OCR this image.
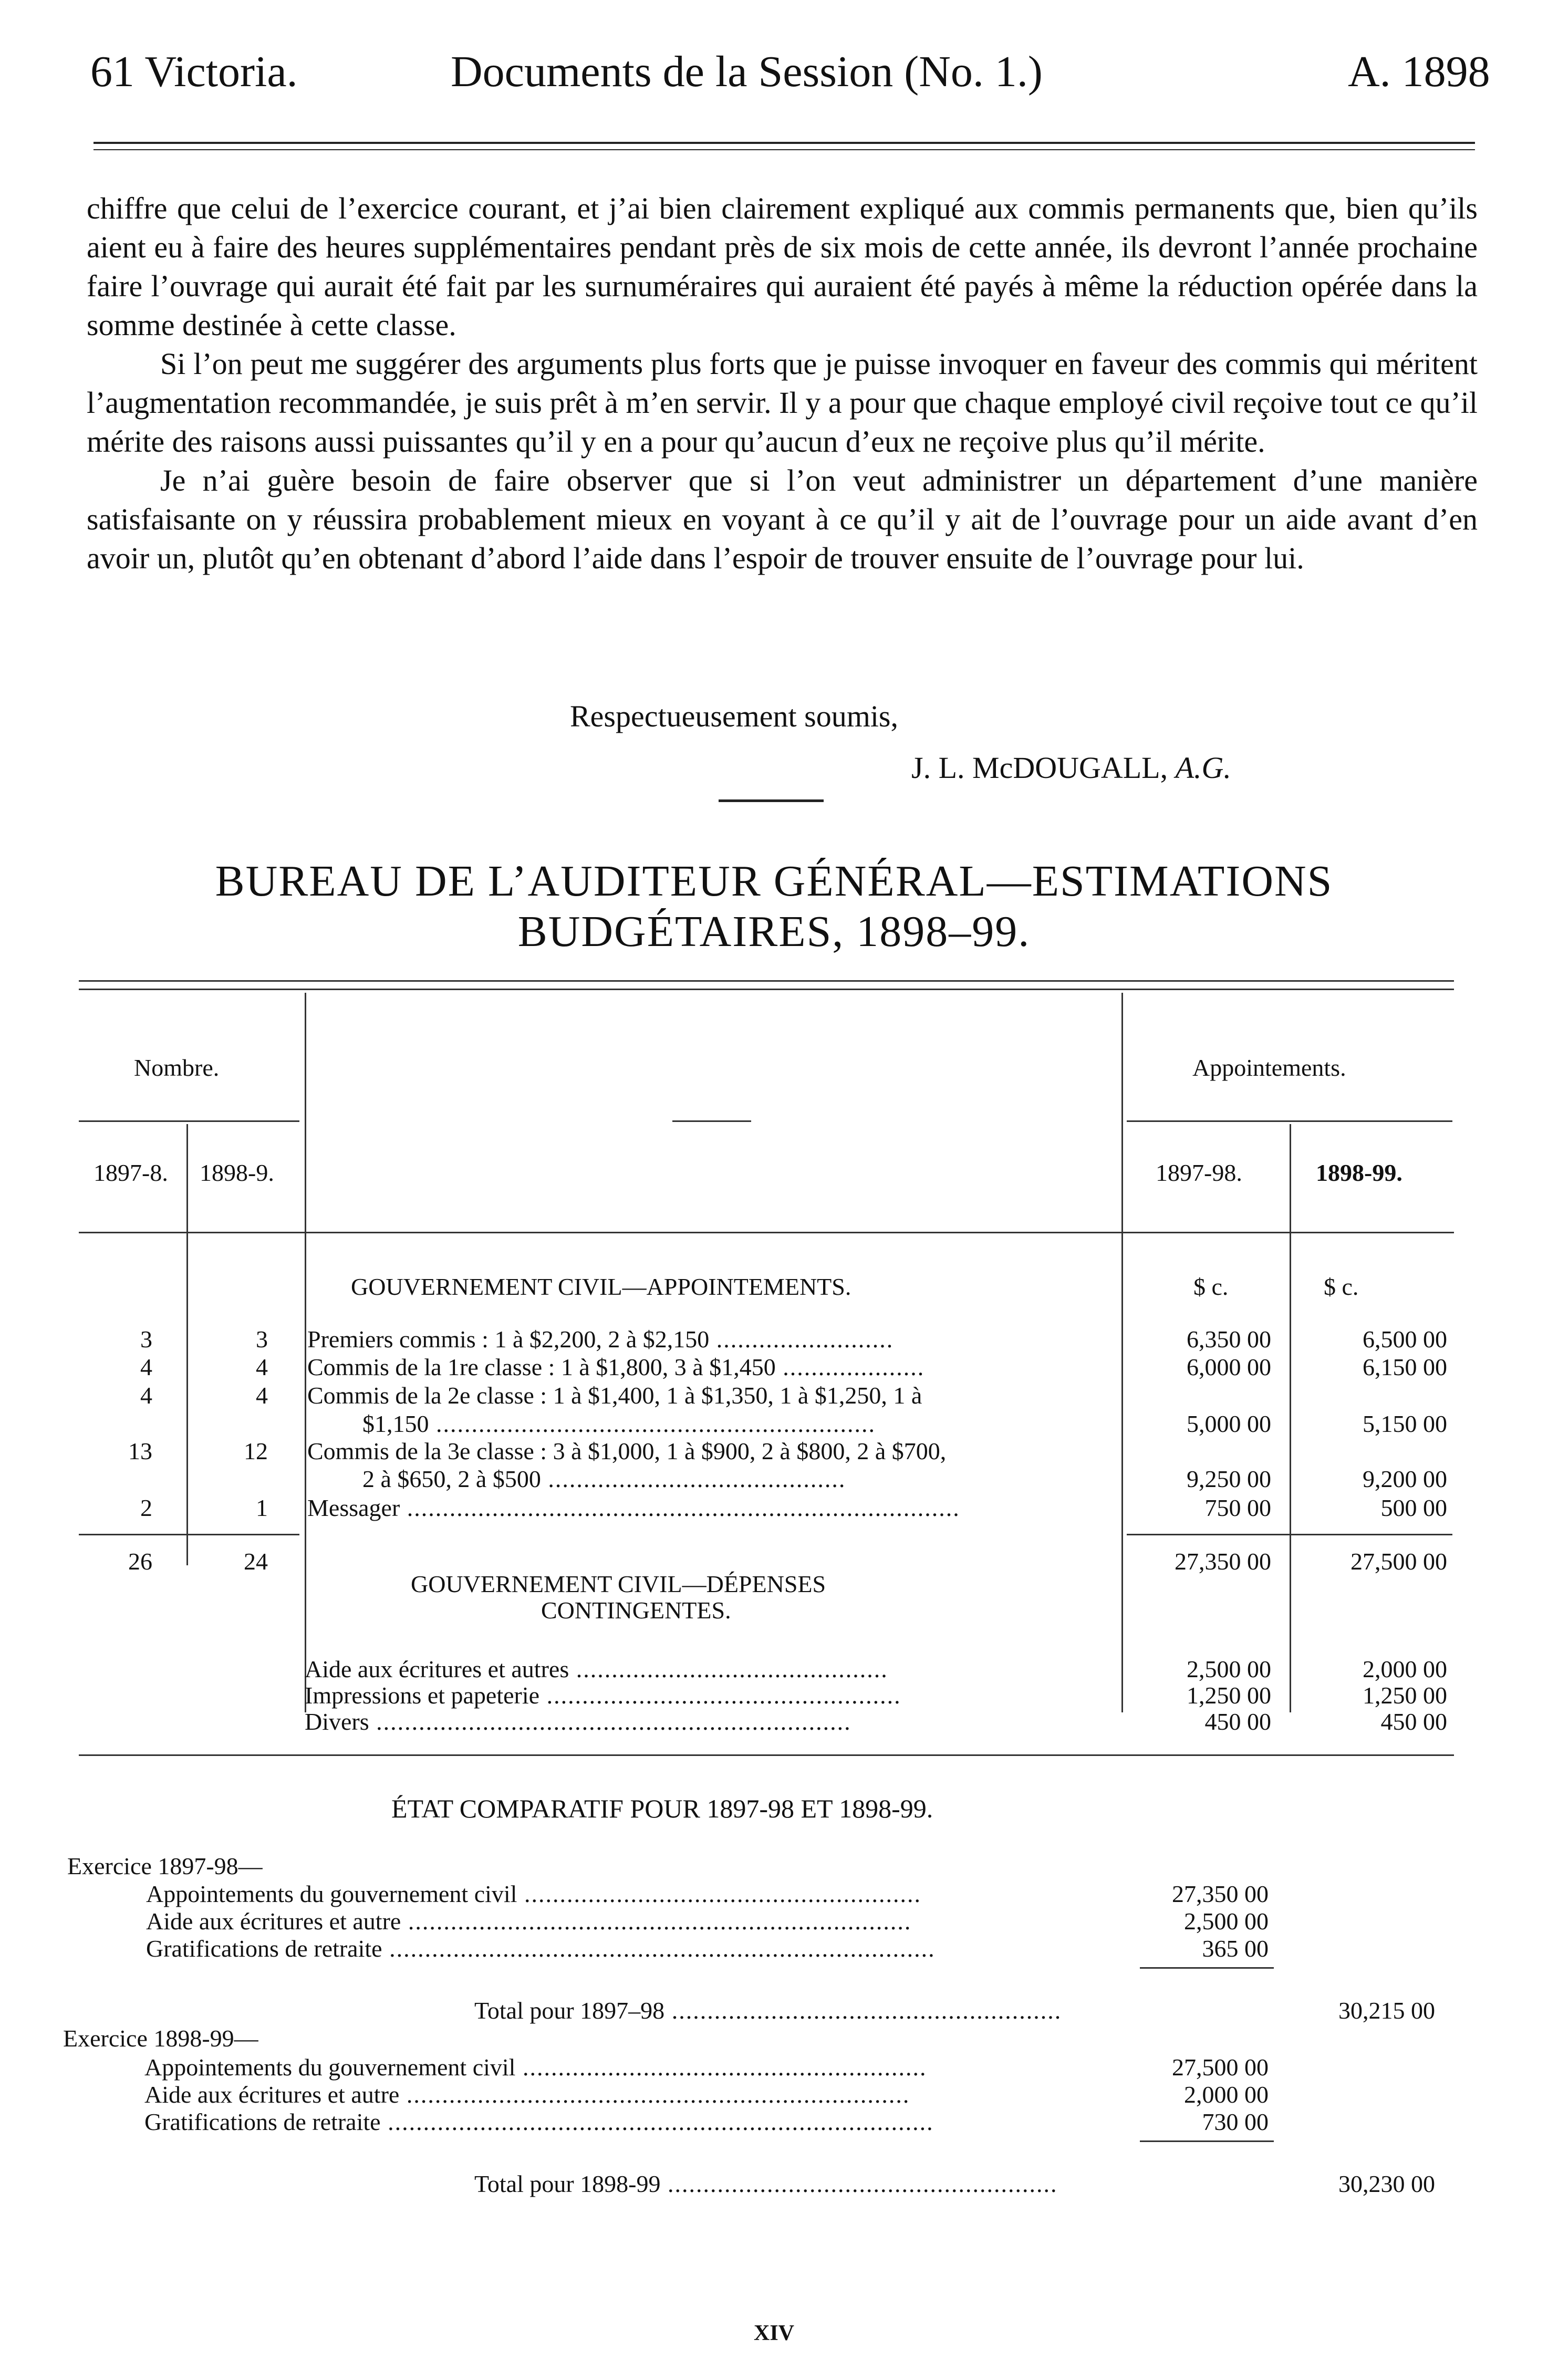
61 Victoria.	Documents de la Session (No. 1.)	A. 1898

chiffre que celui de l’exercice courant, et j’ai bien clairement expliqué aux commis permanents que, bien qu’ils aient eu à faire des heures supplémentaires pendant près de six mois de cette année, ils devront l’année prochaine faire l’ouvrage qui aurait été fait par les surnuméraires qui auraient été payés à même la réduction opérée dans la somme destinée à cette classe.

Si l’on peut me suggérer des arguments plus forts que je puisse invoquer en faveur des commis qui méritent l’augmentation recommandée, je suis prêt à m’en servir. Il y a pour que chaque employé civil reçoive tout ce qu’il mérite des raisons aussi puissantes qu’il y en a pour qu’aucun d’eux ne reçoive plus qu’il mérite.

Je n’ai guère besoin de faire observer que si l’on veut administrer un département d’une manière satisfaisante on y réussira probablement mieux en voyant à ce qu’il y ait de l’ouvrage pour un aide avant d’en avoir un, plutôt qu’en obtenant d’abord l’aide dans l’espoir de trouver ensuite de l’ouvrage pour lui.

Respectueusement soumis,
J. L. McDOUGALL, A.G.
BUREAU DE L’AUDITEUR GÉNÉRAL—ESTIMATIONS
BUDGÉTAIRES, 1898–99.
Nombre.	Appointements.
1897-8. 1898-9.	1897-98.	1898-99.
GOUVERNEMENT CIVIL—APPOINTEMENTS.	$ c.	$ c.
3	3 Premiers commis : 1 à $2,200, 2 à $2,150 .........................	6,350 00	6,500 00
4	4 Commis de la 1re classe : 1 à $1,800, 3 à $1,450 ....................	6,000 00	6,150 00
4	4 Commis de la 2e classe : 1 à $1,400, 1 à $1,350, 1 à $1,250, 1 à
$1,150 ..............................................................	5,000 00	5,150 00
13	12 Commis de la 3e classe : 3 à $1,000, 1 à $900, 2 à $800, 2 à $700,
2 à $650, 2 à $500 ..........................................	9,250 00	9,200 00
2	1 Messager ..............................................................................	750 00	500 00
26	24	27,350 00	27,500 00
GOUVERNEMENT CIVIL—DÉPENSES
CONTINGENTES.
Aide aux écritures et autres ............................................	2,500 00	2,000 00
Impressions et papeterie ..................................................	1,250 00	1,250 00
Divers ...................................................................	450 00	450 00
ÉTAT COMPARATIF POUR 1897-98 ET 1898-99.
Exercice 1897-98—
Appointements du gouvernement civil ........................................................	27,350 00
Aide aux écritures et autre .......................................................................	2,500 00
Gratifications de retraite .............................................................................	365 00
Total pour 1897–98 .......................................................	30,215 00
Exercice 1898-99—
Appointements du gouvernement civil .........................................................	27,500 00
Aide aux écritures et autre .......................................................................	2,000 00
Gratifications de retraite .............................................................................	730 00
Total pour 1898-99 .......................................................	30,230 00
XIV
